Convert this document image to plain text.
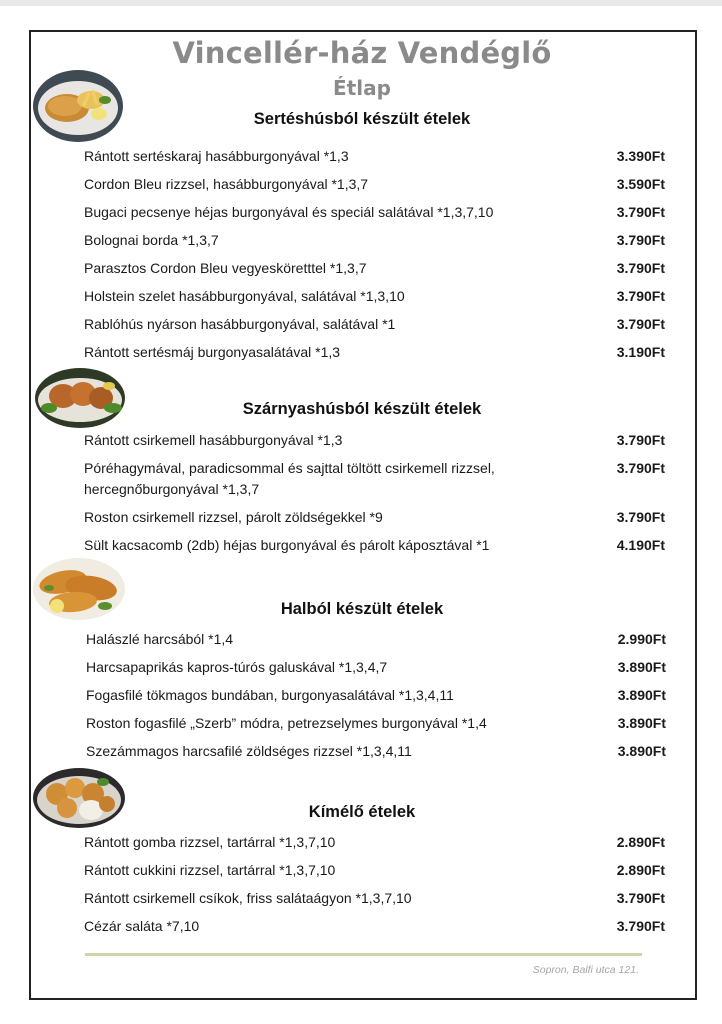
Vincellér-ház Vendéglő
Étlap
Sertéshúsból készült ételek
Rántott sertéskaraj hasábburgonyával *1,3	3.390Ft
Cordon Bleu rizzsel, hasábburgonyával *1,3,7	3.590Ft
Bugaci pecsenye héjas burgonyával és speciál salátával *1,3,7,10	3.790Ft
Bolognai borda *1,3,7	3.790Ft
Parasztos Cordon Bleu vegyesköretttel *1,3,7	3.790Ft
Holstein szelet hasábburgonyával, salátával *1,3,10	3.790Ft
Rablóhús nyárson hasábburgonyával, salátával *1	3.790Ft
Rántott sertésmáj burgonyasalátával *1,3	3.190Ft
Szárnyashúsból készült ételek
Rántott csirkemell hasábburgonyával *1,3	3.790Ft
Póréhagymával, paradicsommal és sajttal töltött csirkemell rizzsel, hercegnőburgonyával *1,3,7
3.790Ft
Roston csirkemell rizzsel, párolt zöldségekkel *9	3.790Ft
Sült kacsacomb (2db) héjas burgonyával és párolt káposztával *1	4.190Ft
Halból készült ételek
Halászlé harcsából *1,4	2.990Ft
Harcsapaprikás kapros-túrós galuskával *1,3,4,7	3.890Ft
Fogasfilé tökmagos bundában, burgonyasalátával *1,3,4,11	3.890Ft
Roston fogasfilé „Szerb” módra, petrezselymes burgonyával *1,4	3.890Ft
Szezámmagos harcsafilé zöldséges rizzsel *1,3,4,11	3.890Ft
Kímélő ételek
Rántott gomba rizzsel, tartárral *1,3,7,10	2.890Ft
Rántott cukkini rizzsel, tartárral *1,3,7,10	2.890Ft
Rántott csirkemell csíkok, friss salátaágyon *1,3,7,10	3.790Ft
Cézár saláta *7,10	3.790Ft
Sopron, Balfi utca 121.
